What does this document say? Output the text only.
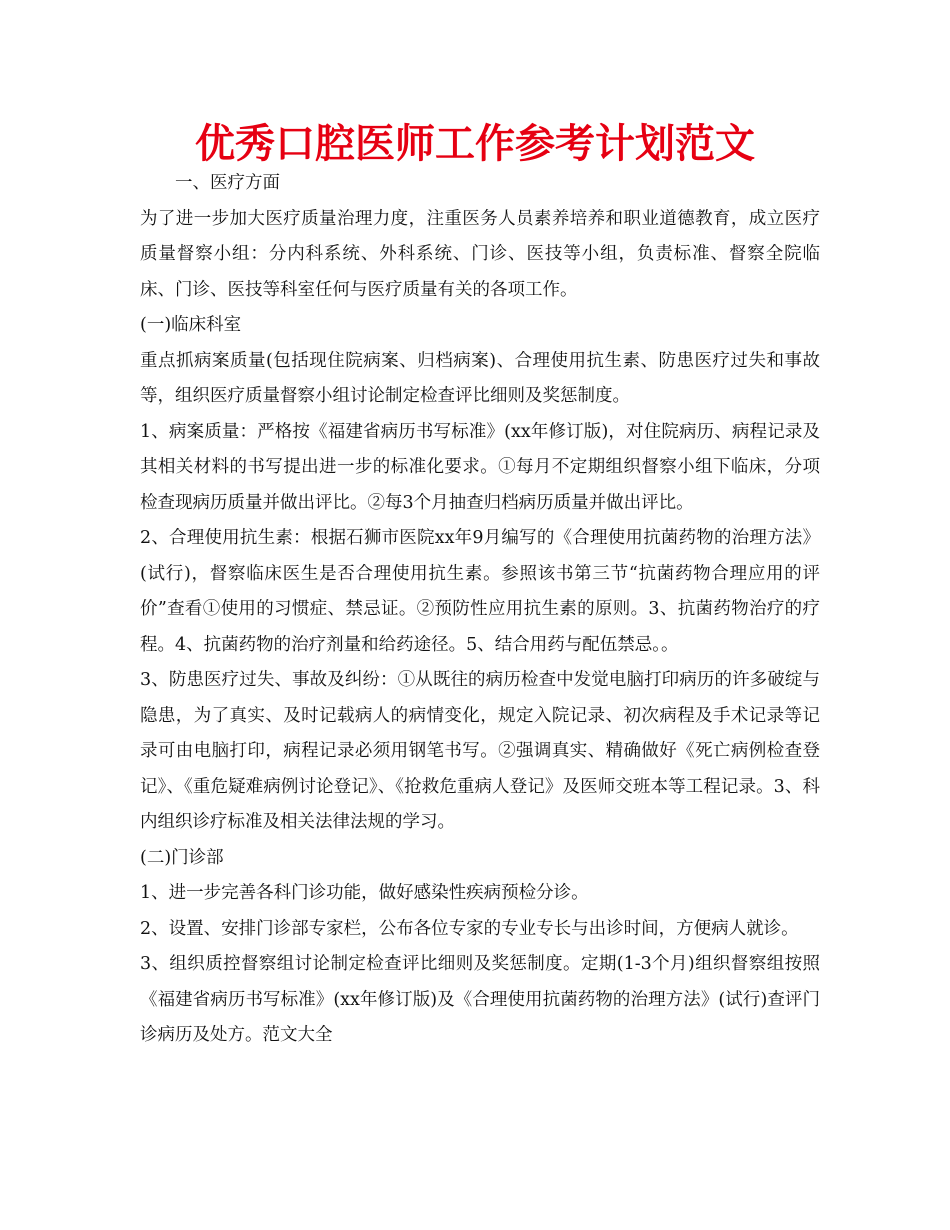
优秀口腔医师工作参考计划范文

一、医疗方面

为了进一步加大医疗质量治理力度，注重医务人员素养培养和职业道德教育，成立医疗质量督察小组：分内科系统、外科系统、门诊、医技等小组，负责标准、督察全院临床、门诊、医技等科室任何与医疗质量有关的各项工作。

(一)临床科室

重点抓病案质量(包括现住院病案、归档病案)、合理使用抗生素、防患医疗过失和事故等，组织医疗质量督察小组讨论制定检查评比细则及奖惩制度。

1、病案质量：严格按《福建省病历书写标准》(xx年修订版)，对住院病历、病程记录及其相关材料的书写提出进一步的标准化要求。①每月不定期组织督察小组下临床，分项检查现病历质量并做出评比。②每3个月抽查归档病历质量并做出评比。

2、合理使用抗生素：根据石狮市医院xx年9月编写的《合理使用抗菌药物的治理方法》(试行)，督察临床医生是否合理使用抗生素。参照该书第三节“抗菌药物合理应用的评价”查看①使用的习惯症、禁忌证。②预防性应用抗生素的原则。3、抗菌药物治疗的疗程。4、抗菌药物的治疗剂量和给药途径。5、结合用药与配伍禁忌。。

3、防患医疗过失、事故及纠纷：①从既往的病历检查中发觉电脑打印病历的许多破绽与隐患，为了真实、及时记载病人的病情变化，规定入院记录、初次病程及手术记录等记录可由电脑打印，病程记录必须用钢笔书写。②强调真实、精确做好《死亡病例检查登记》、《重危疑难病例讨论登记》、《抢救危重病人登记》及医师交班本等工程记录。3、科内组织诊疗标准及相关法律法规的学习。

(二)门诊部

1、进一步完善各科门诊功能，做好感染性疾病预检分诊。

2、设置、安排门诊部专家栏，公布各位专家的专业专长与出诊时间，方便病人就诊。

3、组织质控督察组讨论制定检查评比细则及奖惩制度。定期(1-3个月)组织督察组按照《福建省病历书写标准》(xx年修订版)及《合理使用抗菌药物的治理方法》(试行)查评门诊病历及处方。范文大全
